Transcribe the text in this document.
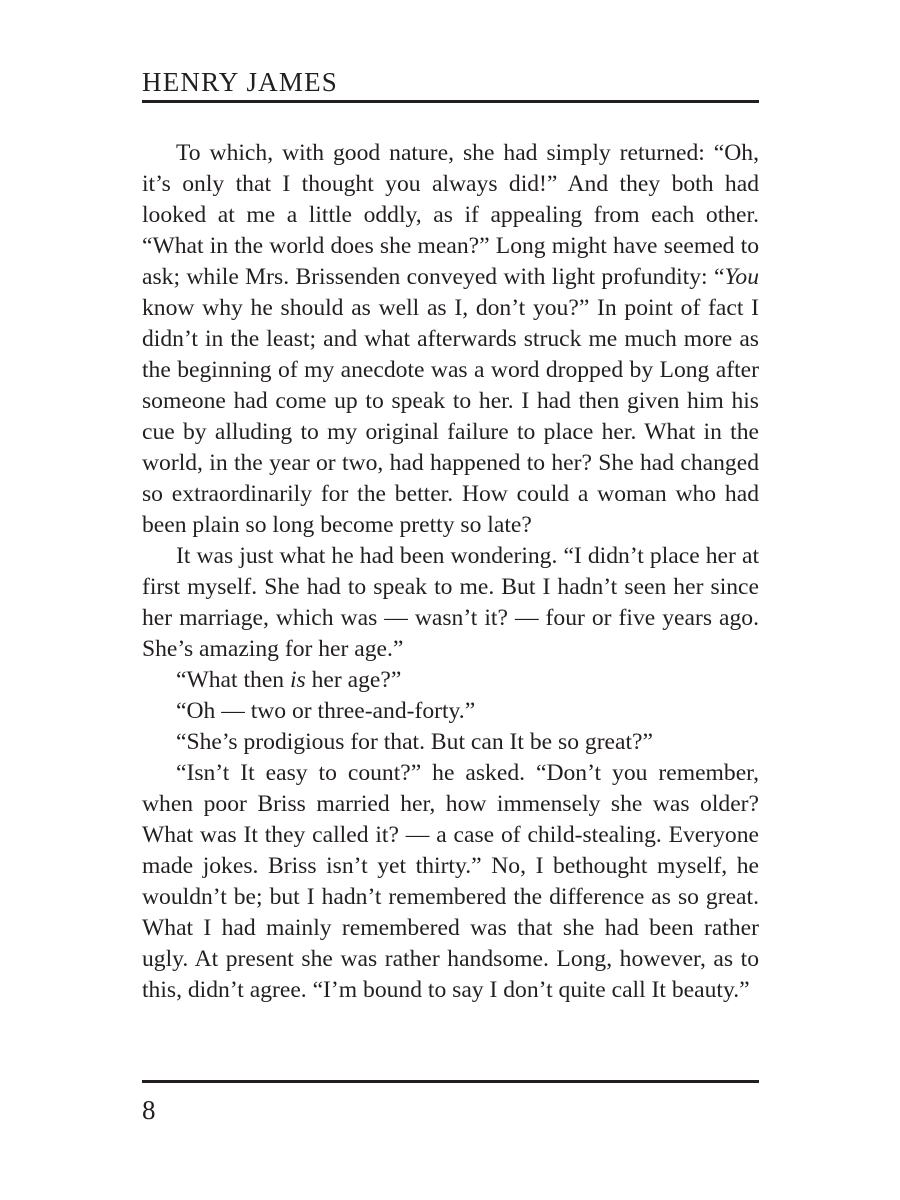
HENRY JAMES

To which, with good nature, she had simply returned: “Oh, it’s only that I thought you always did!” And they both had looked at me a little oddly, as if appealing from each other. “What in the world does she mean?” Long might have seemed to ask; while Mrs. Brissenden conveyed with light profundity: “You know why he should as well as I, don’t you?” In point of fact I didn’t in the least; and what afterwards struck me much more as the beginning of my anecdote was a word dropped by Long after someone had come up to speak to her. I had then given him his cue by alluding to my original failure to place her. What in the world, in the year or two, had happened to her? She had changed so extraordinarily for the better. How could a woman who had been plain so long become pretty so late?

It was just what he had been wondering. “I didn’t place her at first myself. She had to speak to me. But I hadn’t seen her since her marriage, which was — wasn’t it? — four or five years ago. She’s amazing for her age.”

“What then is her age?”

“Oh — two or three-and-forty.”

“She’s prodigious for that. But can It be so great?”

“Isn’t It easy to count?” he asked. “Don’t you remember, when poor Briss married her, how immensely she was older? What was It they called it? — a case of child-stealing. Everyone made jokes. Briss isn’t yet thirty.” No, I bethought myself, he wouldn’t be; but I hadn’t remembered the difference as so great. What I had mainly remembered was that she had been rather ugly. At present she was rather handsome. Long, however, as to this, didn’t agree. “I’m bound to say I don’t quite call It beauty.”

8
